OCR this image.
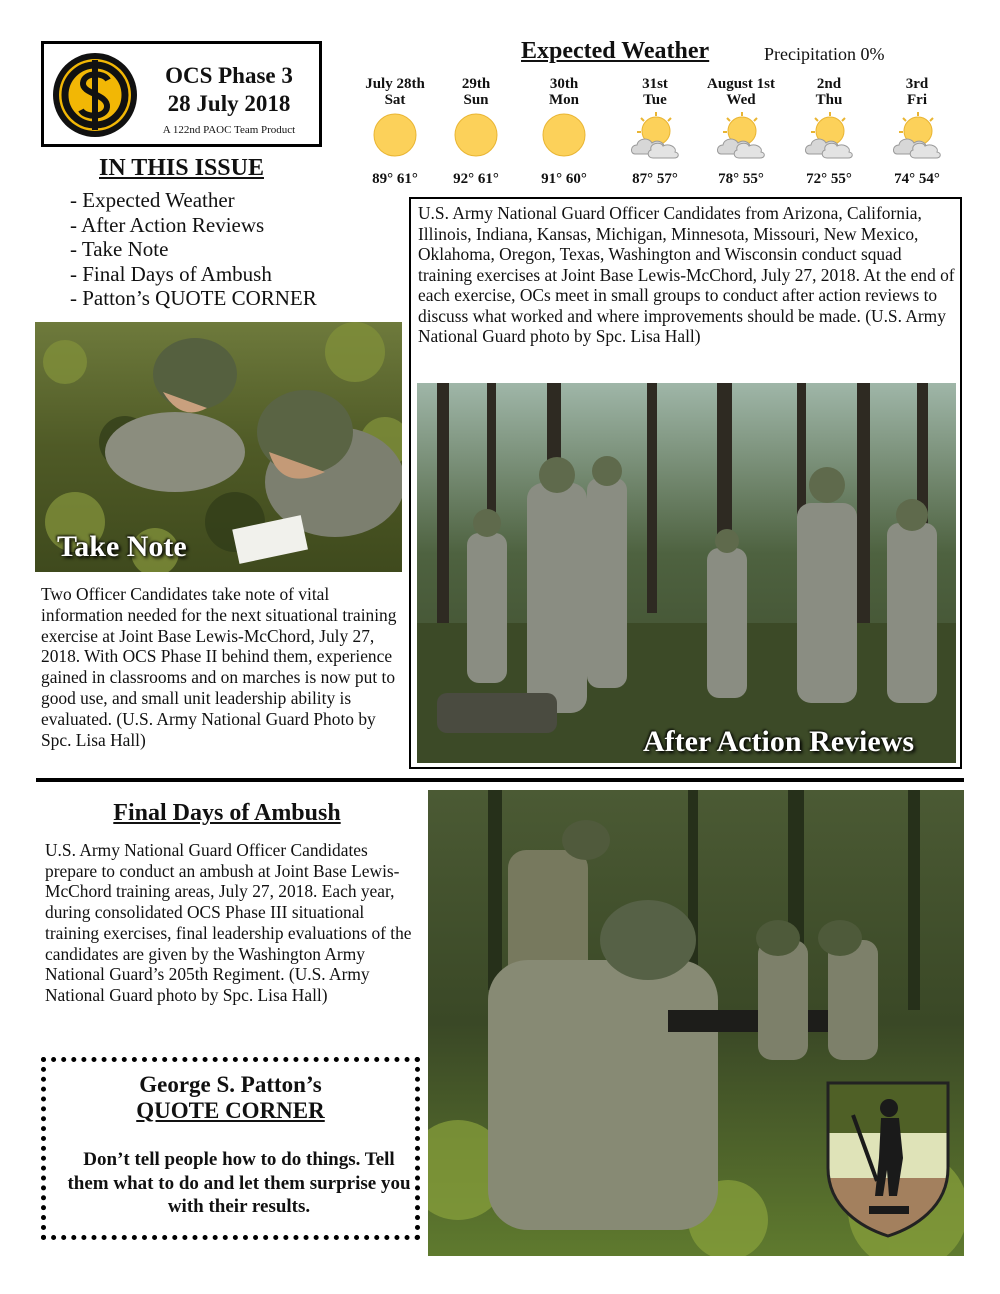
OCS Phase 3
28 July 2018
A 122nd PAOC Team Product
IN THIS ISSUE
- Expected Weather
- After Action Reviews
- Take Note
- Final Days of Ambush
- Patton’s QUOTE CORNER
Expected Weather	Precipitation 0%
July 28th
Sat
89° 61°
29th
Sun
92° 61°
30th
Mon
91° 60°
31st
Tue
87° 57°
August 1st
Wed
78° 55°
2nd
Thu
72° 55°
3rd
Fri
74° 54°
Take Note
Two Officer Candidates take note of vital information needed for the next situational training exercise at Joint Base Lewis-McChord, July 27, 2018. With OCS Phase II behind them, experience gained in classrooms and on marches is now put to good use, and small unit leadership ability is evaluated. (U.S. Army National Guard Photo by Spc. Lisa Hall)
U.S. Army National Guard Officer Candidates from Arizona, California, Illinois, Indiana, Kansas, Michigan, Minnesota, Missouri, New Mexico, Oklahoma, Oregon, Texas, Washington and Wisconsin conduct squad training exercises at Joint Base Lewis-McChord, July 27, 2018. At the end of each exercise, OCs meet in small groups to conduct after action reviews to discuss what worked and where improvements should be made. (U.S. Army National Guard photo by Spc. Lisa Hall)
After Action Reviews
Final Days of Ambush
U.S. Army National Guard Officer Candidates prepare to conduct an ambush at Joint Base Lewis-McChord training areas, July 27, 2018. Each year, during consolidated OCS Phase III situational training exercises, final leadership evaluations of the candidates are given by the Washington Army National Guard’s 205th Regiment. (U.S. Army National Guard photo by Spc. Lisa Hall)
George S. Patton’s
QUOTE CORNER
Don’t tell people how to do things. Tell them what to do and let them surprise you with their results.
